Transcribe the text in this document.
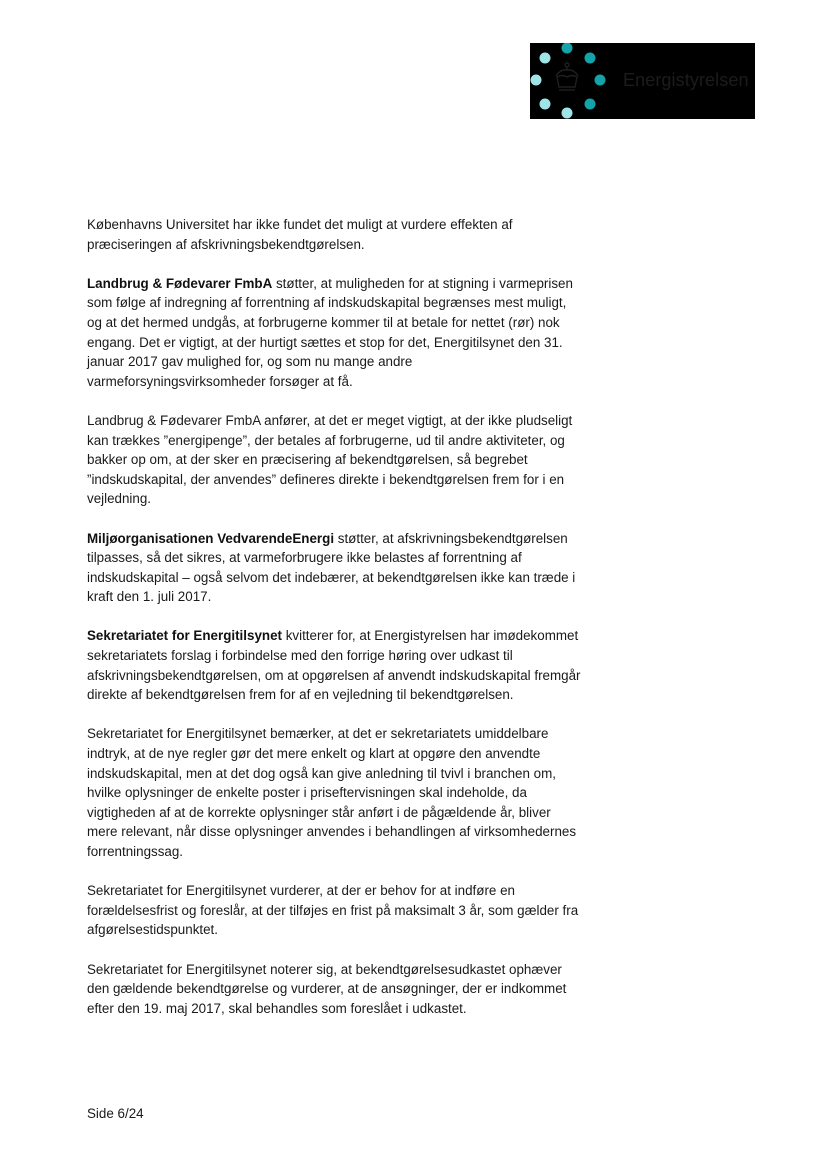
Energistyrelsen

Københavns Universitet har ikke fundet det muligt at vurdere effekten af
præciseringen af afskrivningsbekendtgørelsen.

Landbrug & Fødevarer FmbA støtter, at muligheden for at stigning i varmeprisen
som følge af indregning af forrentning af indskudskapital begrænses mest muligt,
og at det hermed undgås, at forbrugerne kommer til at betale for nettet (rør) nok
engang. Det er vigtigt, at der hurtigt sættes et stop for det, Energitilsynet den 31.
januar 2017 gav mulighed for, og som nu mange andre
varmeforsyningsvirksomheder forsøger at få.

Landbrug & Fødevarer FmbA anfører, at det er meget vigtigt, at der ikke pludseligt
kan trækkes ”energipenge”, der betales af forbrugerne, ud til andre aktiviteter, og
bakker op om, at der sker en præcisering af bekendtgørelsen, så begrebet
”indskudskapital, der anvendes” defineres direkte i bekendtgørelsen frem for i en
vejledning.

Miljøorganisationen VedvarendeEnergi støtter, at afskrivningsbekendtgørelsen
tilpasses, så det sikres, at varmeforbrugere ikke belastes af forrentning af
indskudskapital – også selvom det indebærer, at bekendtgørelsen ikke kan træde i
kraft den 1. juli 2017.

Sekretariatet for Energitilsynet kvitterer for, at Energistyrelsen har imødekommet
sekretariatets forslag i forbindelse med den forrige høring over udkast til
afskrivningsbekendtgørelsen, om at opgørelsen af anvendt indskudskapital fremgår
direkte af bekendtgørelsen frem for af en vejledning til bekendtgørelsen.

Sekretariatet for Energitilsynet bemærker, at det er sekretariatets umiddelbare
indtryk, at de nye regler gør det mere enkelt og klart at opgøre den anvendte
indskudskapital, men at det dog også kan give anledning til tvivl i branchen om,
hvilke oplysninger de enkelte poster i priseftervisningen skal indeholde, da
vigtigheden af at de korrekte oplysninger står anført i de pågældende år, bliver
mere relevant, når disse oplysninger anvendes i behandlingen af virksomhedernes
forrentningssag.

Sekretariatet for Energitilsynet vurderer, at der er behov for at indføre en
forældelsesfrist og foreslår, at der tilføjes en frist på maksimalt 3 år, som gælder fra
afgørelsestidspunktet.

Sekretariatet for Energitilsynet noterer sig, at bekendtgørelsesudkastet ophæver
den gældende bekendtgørelse og vurderer, at de ansøgninger, der er indkommet
efter den 19. maj 2017, skal behandles som foreslået i udkastet.

Side 6/24
